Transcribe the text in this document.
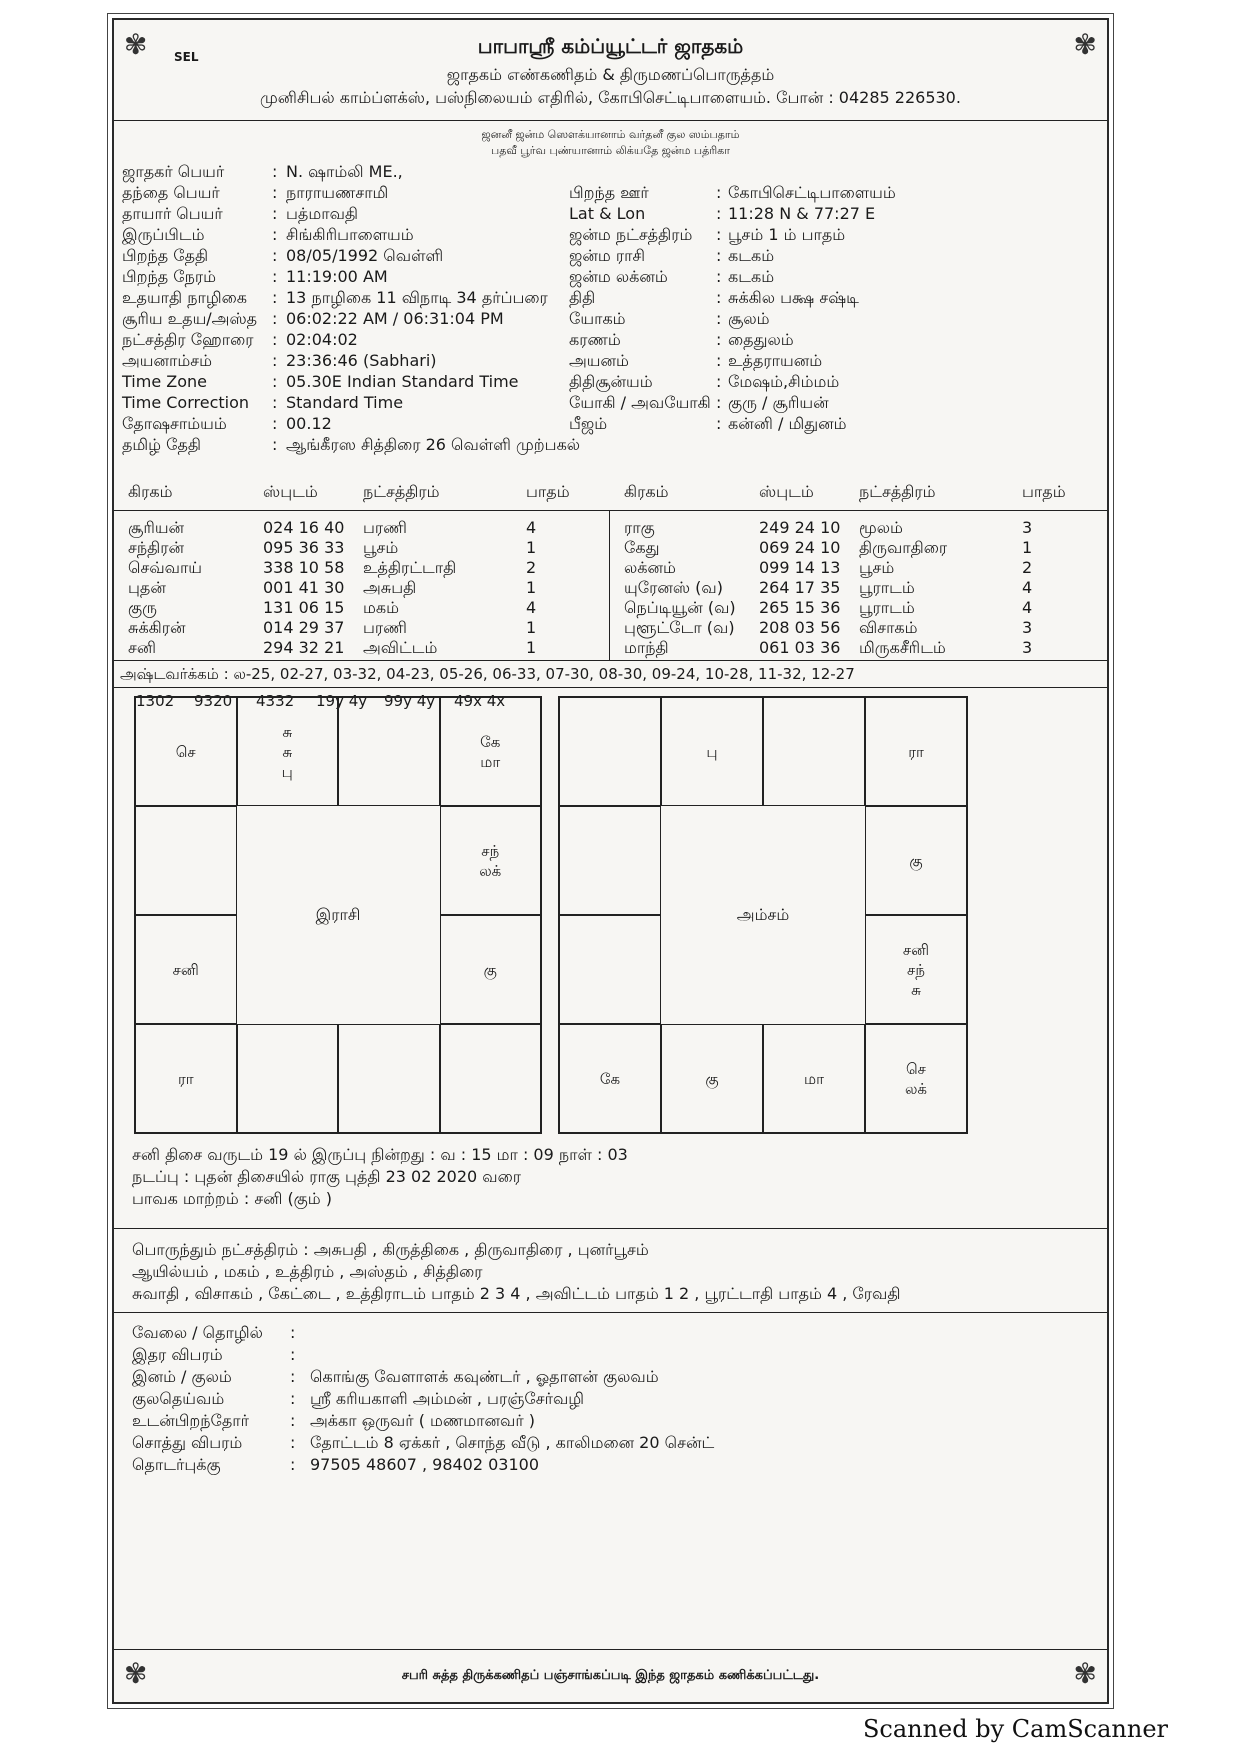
✾	✾
SEL	பாபாஸ்ரீ கம்ப்யூட்டர் ஜாதகம்
ஜாதகம் எண்கணிதம் & திருமணப்பொருத்தம்
முனிசிபல் காம்ப்ளக்ஸ், பஸ்நிலையம் எதிரில், கோபிசெட்டிபாளையம். போன் : 04285 226530.
ஜனனீ ஜன்ம ஸௌக்யானாம் வர்தனீ குல ஸம்பதாம்
பதவீ பூர்வ புண்யானாம் லிக்யதே ஜன்ம பத்ரிகா
ஜாதகர் பெயர்	: N. ஷாம்லி ME.,
தந்தை பெயர்	: நாராயணசாமி
தாயார் பெயர்	: பத்மாவதி
இருப்பிடம்	: சிங்கிரிபாளையம்
பிறந்த தேதி	: 08/05/1992 வெள்ளி
பிறந்த நேரம்	: 11:19:00 AM
உதயாதி நாழிகை : 13 நாழிகை 11 விநாடி 34 தர்ப்பரை
சூரிய உதய/அஸ்த : 06:02:22 AM / 06:31:04 PM
நட்சத்திர ஹோரை : 02:04:02
அயனாம்சம்	: 23:36:46 (Sabhari)
Time Zone	: 05.30E Indian Standard Time
Time Correction : Standard Time
தோஷசாம்யம்	: 00.12
தமிழ் தேதி	: ஆங்கீரஸ சித்திரை 26 வெள்ளி முற்பகல்
பிறந்த ஊர்	: கோபிசெட்டிபாளையம்
Lat & Lon	: 11:28 N & 77:27 E
ஜன்ம நட்சத்திரம் : பூசம் 1 ம் பாதம்
ஜன்ம ராசி	: கடகம்
ஜன்ம லக்னம்	: கடகம்
திதி	: சுக்கில பக்ஷ சஷ்டி
யோகம்	: சூலம்
கரணம்	: தைதுலம்
அயனம்	: உத்தராயனம்
திதிசூன்யம்	: மேஷம்,சிம்மம்
யோகி / அவயோகி : குரு / சூரியன்
பீஜம்	: கன்னி / மிதுனம்
கிரகம்	ஸ்புடம்	நட்சத்திரம்	பாதம்
சூரியன்	024 16 40 பரணி	4
சந்திரன்	095 36 33 பூசம்	1
செவ்வாய்	338 10 58 உத்திரட்டாதி	2
புதன்	001 41 30 அசுபதி	1
குரு	131 06 15 மகம்	4
சுக்கிரன்	014 29 37 பரணி	1
சனி	294 32 21 அவிட்டம்	1
கிரகம்	ஸ்புடம்	நட்சத்திரம்	பாதம்
ராகு	249 24 10 மூலம்	3
கேது	069 24 10 திருவாதிரை	1
லக்னம்	099 14 13 பூசம்	2
யுரேனஸ் (வ) 264 17 35 பூராடம்	4
நெப்டியூன் (வ) 265 15 36 பூராடம்	4
புளூட்டோ (வ) 208 03 56 விசாகம்	3
மாந்தி	061 03 36 மிருகசீரிடம்	3
அஷ்டவர்க்கம் : ல-25, 02-27, 03-32, 04-23, 05-26, 06-33, 07-30, 08-30, 09-24, 10-28, 11-32, 12-27
1302 9320 4332 19y 4y 99y 4y 49x 4x
செ
சு
சு
பு
கே
மா
சந்
லக்
கு
ரா
சனி
இராசி
பு	ரா
கு
சனி
சந்
சு
செ
லக்
மா
கு
கே
அம்சம்
சனி திசை வருடம் 19 ல் இருப்பு நின்றது : வ : 15 மா : 09 நாள் : 03
நடப்பு : புதன் திசையில் ராகு புத்தி 23 02 2020 வரை
பாவக மாற்றம் : சனி (கும் )
பொருந்தும் நட்சத்திரம் : அசுபதி , கிருத்திகை , திருவாதிரை , புனர்பூசம்
ஆயில்யம் , மகம் , உத்திரம் , அஸ்தம் , சித்திரை
சுவாதி , விசாகம் , கேட்டை , உத்திராடம் பாதம் 2 3 4 , அவிட்டம் பாதம் 1 2 , பூரட்டாதி பாதம் 4 , ரேவதி
வேலை / தொழில் :
இதர விபரம்	:
இனம் / குலம்	: கொங்கு வேளாளக் கவுண்டர் , ஓதாளன் குலவம்
குலதெய்வம்	: ஸ்ரீ கரியகாளி அம்மன் , பரஞ்சேர்வழி
உடன்பிறந்தோர்	: அக்கா ஒருவர் ( மணமானவர் )
சொத்து விபரம்	: தோட்டம் 8 ஏக்கர் , சொந்த வீடு , காலிமனை 20 சென்ட்
தொடர்புக்கு	: 97505 48607 , 98402 03100
✾	சபரி சுத்த திருக்கணிதப் பஞ்சாங்கப்படி இந்த ஜாதகம் கணிக்கப்பட்டது.	✾
Scanned by CamScanner
